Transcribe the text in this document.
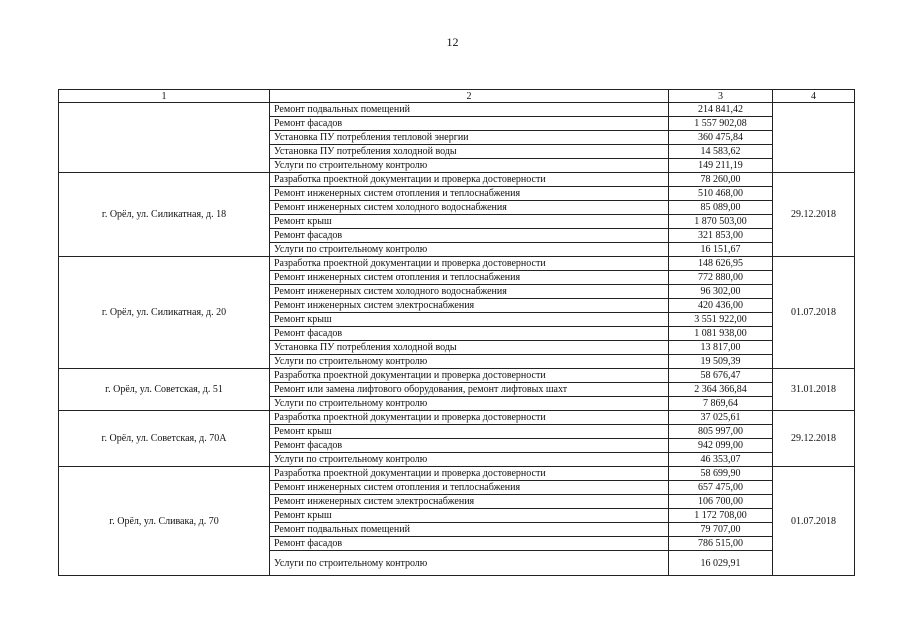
12
1	2	3	4
	Ремонт подвальных помещений	214 841,42	
	Ремонт фасадов	1 557 902,08	
	Установка ПУ потребления тепловой энергии	360 475,84	
	Установка ПУ потребления холодной воды	14 583,62	
	Услуги по строительному контролю	149 211,19	
г. Орёл, ул. Силикатная, д. 18	Разработка проектной документации и проверка достоверности	78 260,00	29.12.2018
	Ремонт инженерных систем отопления и теплоснабжения	510 468,00	
	Ремонт инженерных систем холодного водоснабжения	85 089,00	
	Ремонт крыш	1 870 503,00	
	Ремонт фасадов	321 853,00	
	Услуги по строительному контролю	16 151,67	
г. Орёл, ул. Силикатная, д. 20	Разработка проектной документации и проверка достоверности	148 626,95	01.07.2018
	Ремонт инженерных систем отопления и теплоснабжения	772 880,00	
	Ремонт инженерных систем холодного водоснабжения	96 302,00	
	Ремонт инженерных систем электроснабжения	420 436,00	
	Ремонт крыш	3 551 922,00	
	Ремонт фасадов	1 081 938,00	
	Установка ПУ потребления холодной воды	13 817,00	
	Услуги по строительному контролю	19 509,39	
г. Орёл, ул. Советская, д. 51	Разработка проектной документации и проверка достоверности	58 676,47	31.01.2018
	Ремонт или замена лифтового оборудования, ремонт лифтовых шахт	2 364 366,84	
	Услуги по строительному контролю	7 869,64	
г. Орёл, ул. Советская, д. 70А	Разработка проектной документации и проверка достоверности	37 025,61	29.12.2018
	Ремонт крыш	805 997,00	
	Ремонт фасадов	942 099,00	
	Услуги по строительному контролю	46 353,07	
г. Орёл, ул. Сливака, д. 70	Разработка проектной документации и проверка достоверности	58 699,90	01.07.2018
	Ремонт инженерных систем отопления и теплоснабжения	657 475,00	
	Ремонт инженерных систем электроснабжения	106 700,00	
	Ремонт крыш	1 172 708,00	
	Ремонт подвальных помещений	79 707,00	
	Ремонт фасадов	786 515,00	
	Услуги по строительному контролю	16 029,91	
